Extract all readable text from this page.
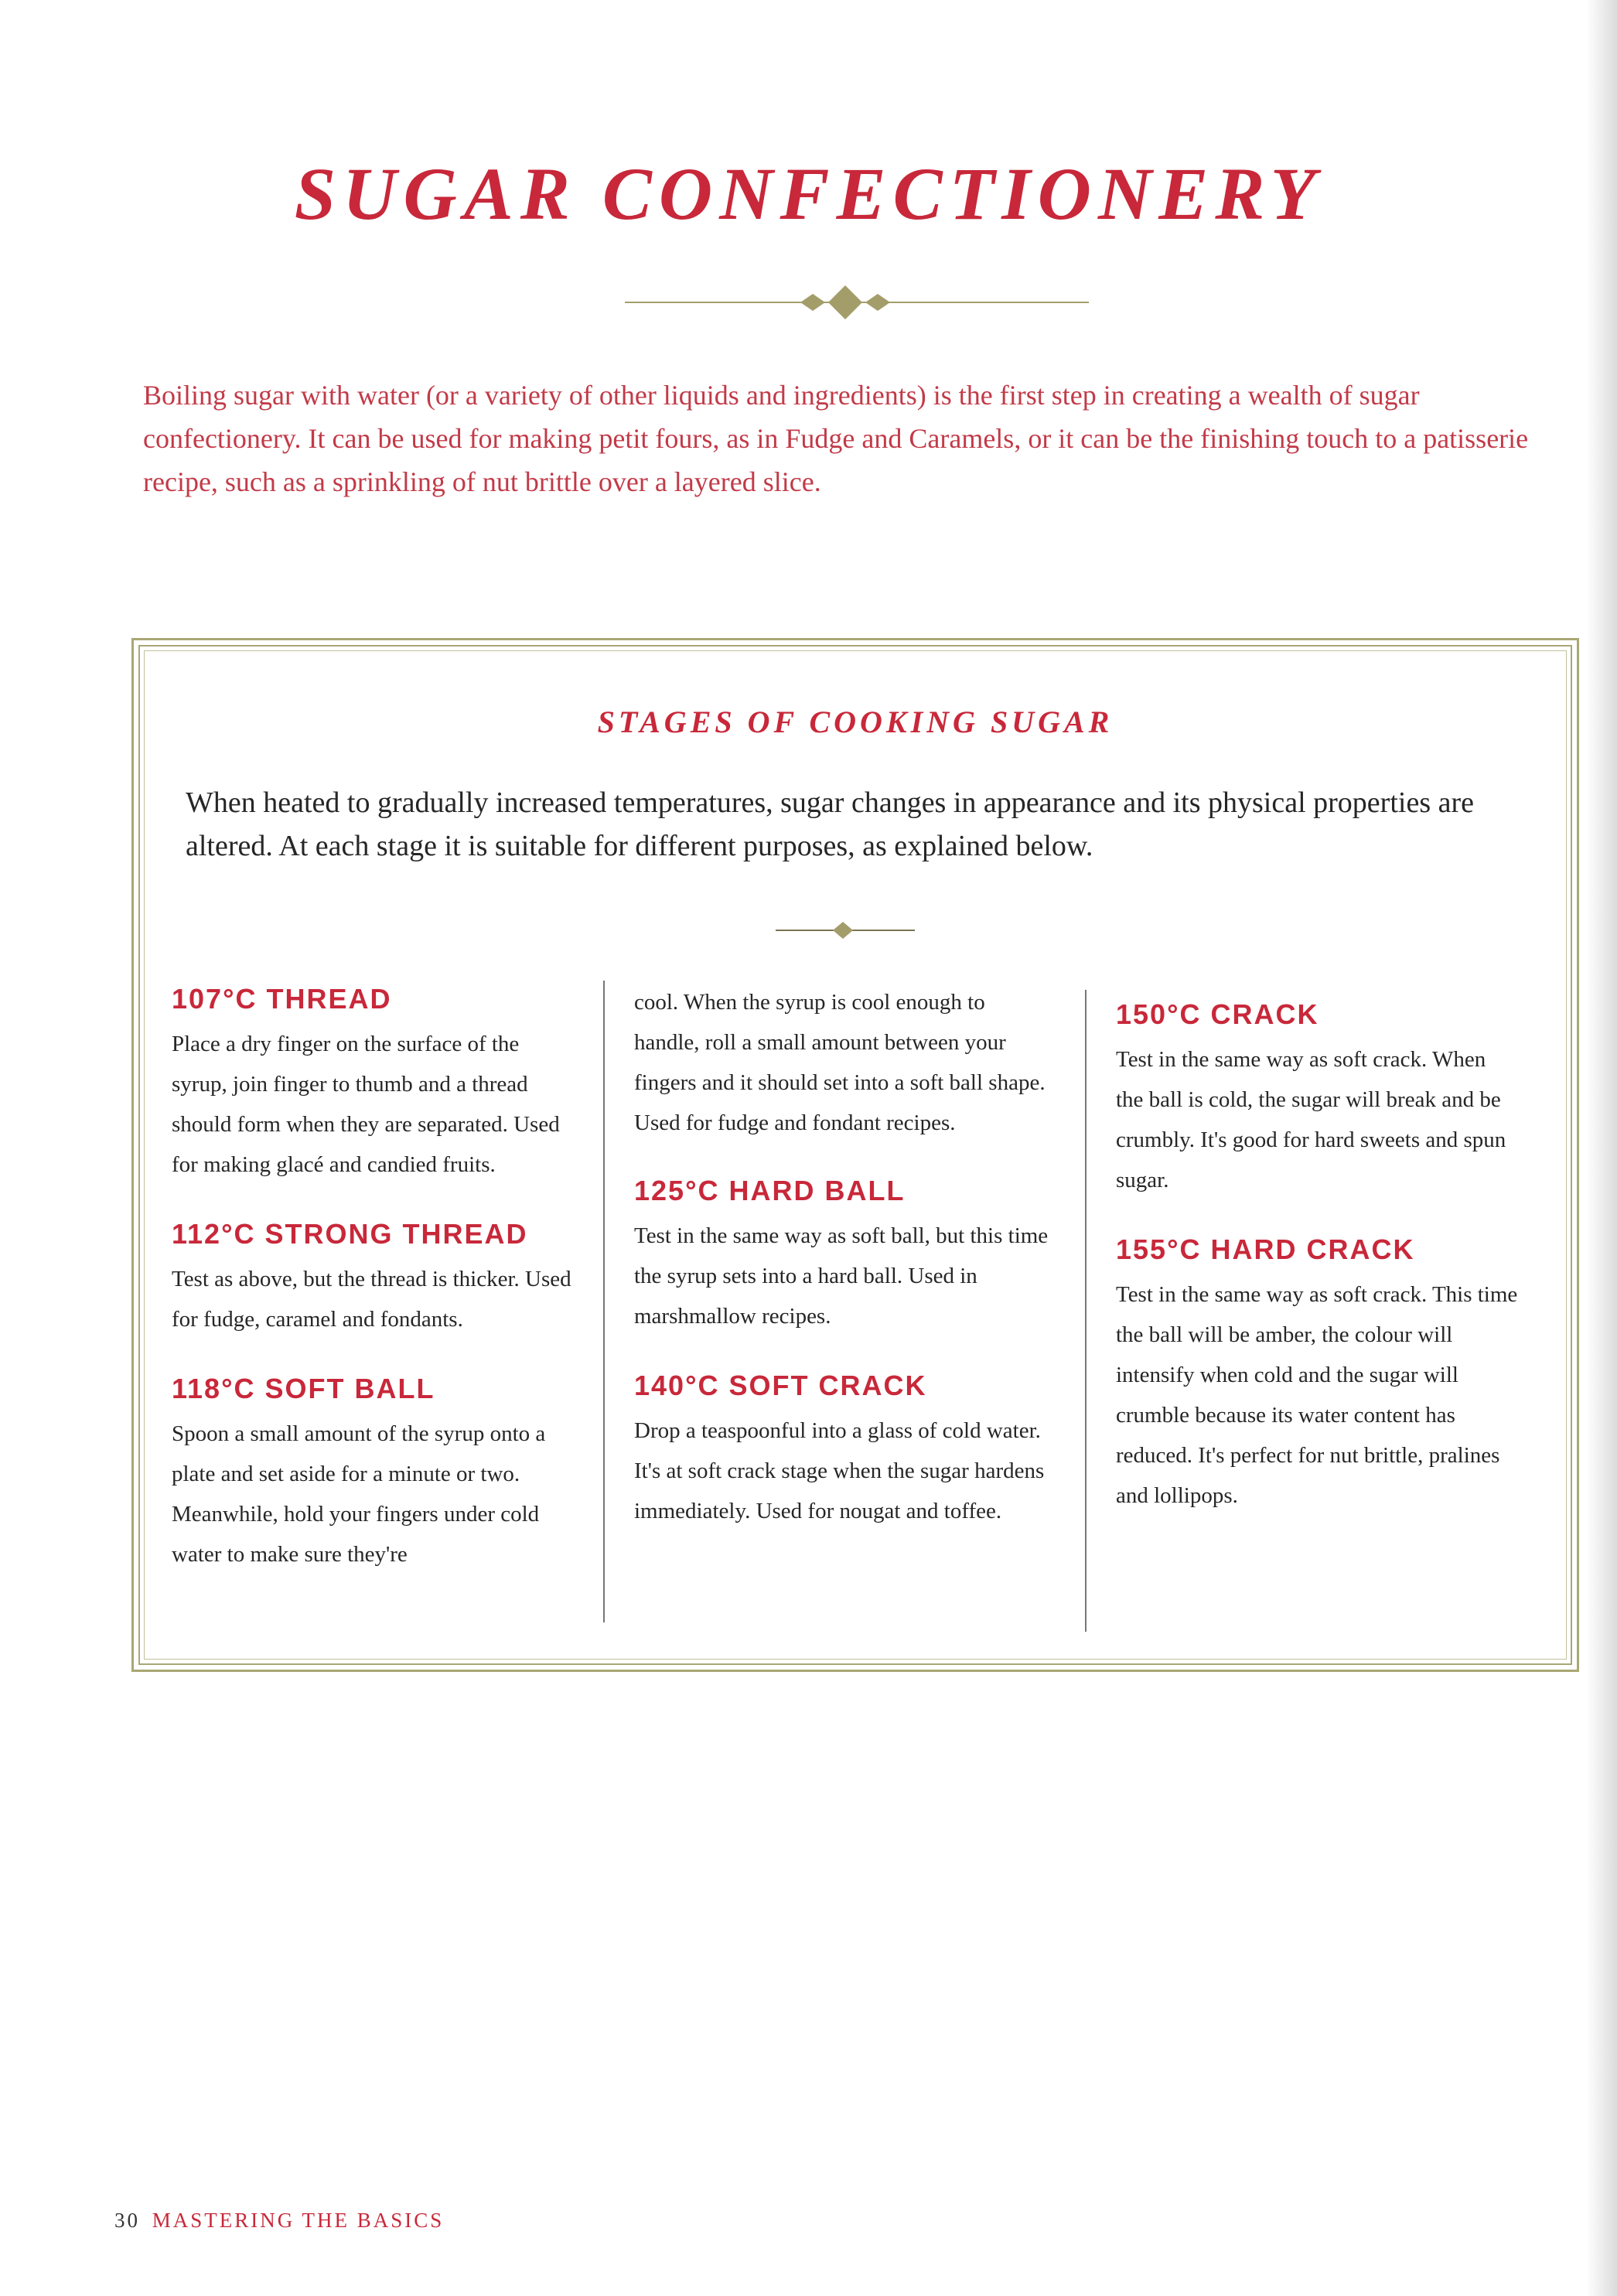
SUGAR CONFECTIONERY

Boiling sugar with water (or a variety of other liquids and ingredients) is the first step in creating a wealth of sugar confectionery. It can be used for making petit fours, as in Fudge and Caramels, or it can be the finishing touch to a patisserie recipe, such as a sprinkling of nut brittle over a layered slice.

STAGES OF COOKING SUGAR

When heated to gradually increased temperatures, sugar changes in appearance and its physical properties are altered. At each stage it is suitable for different purposes, as explained below.

107°C THREAD

Place a dry finger on the surface of the syrup, join finger to thumb and a thread should form when they are separated. Used for making glacé and candied fruits.

112°C STRONG THREAD

Test as above, but the thread is thicker. Used for fudge, caramel and fondants.

118°C SOFT BALL

Spoon a small amount of the syrup onto a plate and set aside for a minute or two. Meanwhile, hold your fingers under cold water to make sure they're

cool. When the syrup is cool enough to handle, roll a small amount between your fingers and it should set into a soft ball shape. Used for fudge and fondant recipes.

125°C HARD BALL

Test in the same way as soft ball, but this time the syrup sets into a hard ball. Used in marshmallow recipes.

140°C SOFT CRACK

Drop a teaspoonful into a glass of cold water. It's at soft crack stage when the sugar hardens immediately. Used for nougat and toffee.

150°C CRACK

Test in the same way as soft crack. When the ball is cold, the sugar will break and be crumbly. It's good for hard sweets and spun sugar.

155°C HARD CRACK

Test in the same way as soft crack. This time the ball will be amber, the colour will intensify when cold and the sugar will crumble because its water content has reduced. It's perfect for nut brittle, pralines and lollipops.

30 MASTERING THE BASICS
